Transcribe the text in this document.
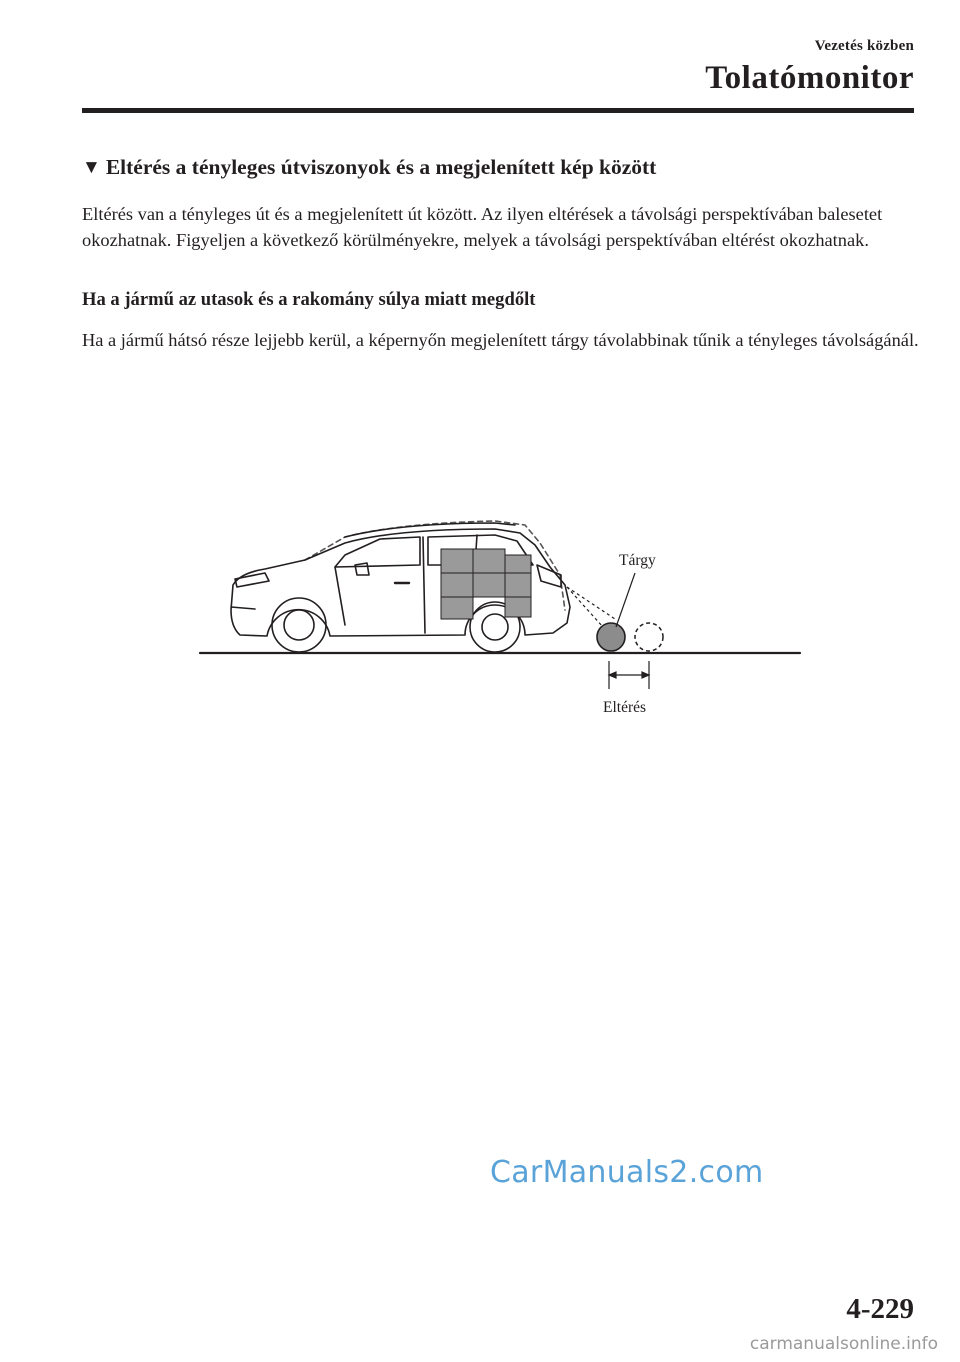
Vezetés közben
Tolatómonitor
▼ Eltérés a tényleges útviszonyok és a megjelenített kép között
Eltérés van a tényleges út és a megjelenített út között. Az ilyen eltérések a távolsági perspektívában balesetet okozhatnak. Figyeljen a következő körülményekre, melyek a távolsági perspektívában eltérést okozhatnak.
Ha a jármű az utasok és a rakomány súlya miatt megdőlt
Ha a jármű hátsó része lejjebb kerül, a képernyőn megjelenített tárgy távolabbinak tűnik a tényleges távolságánál.
Tárgy
Eltérés
CarManuals2.com
4-229
carmanualsonline.info
